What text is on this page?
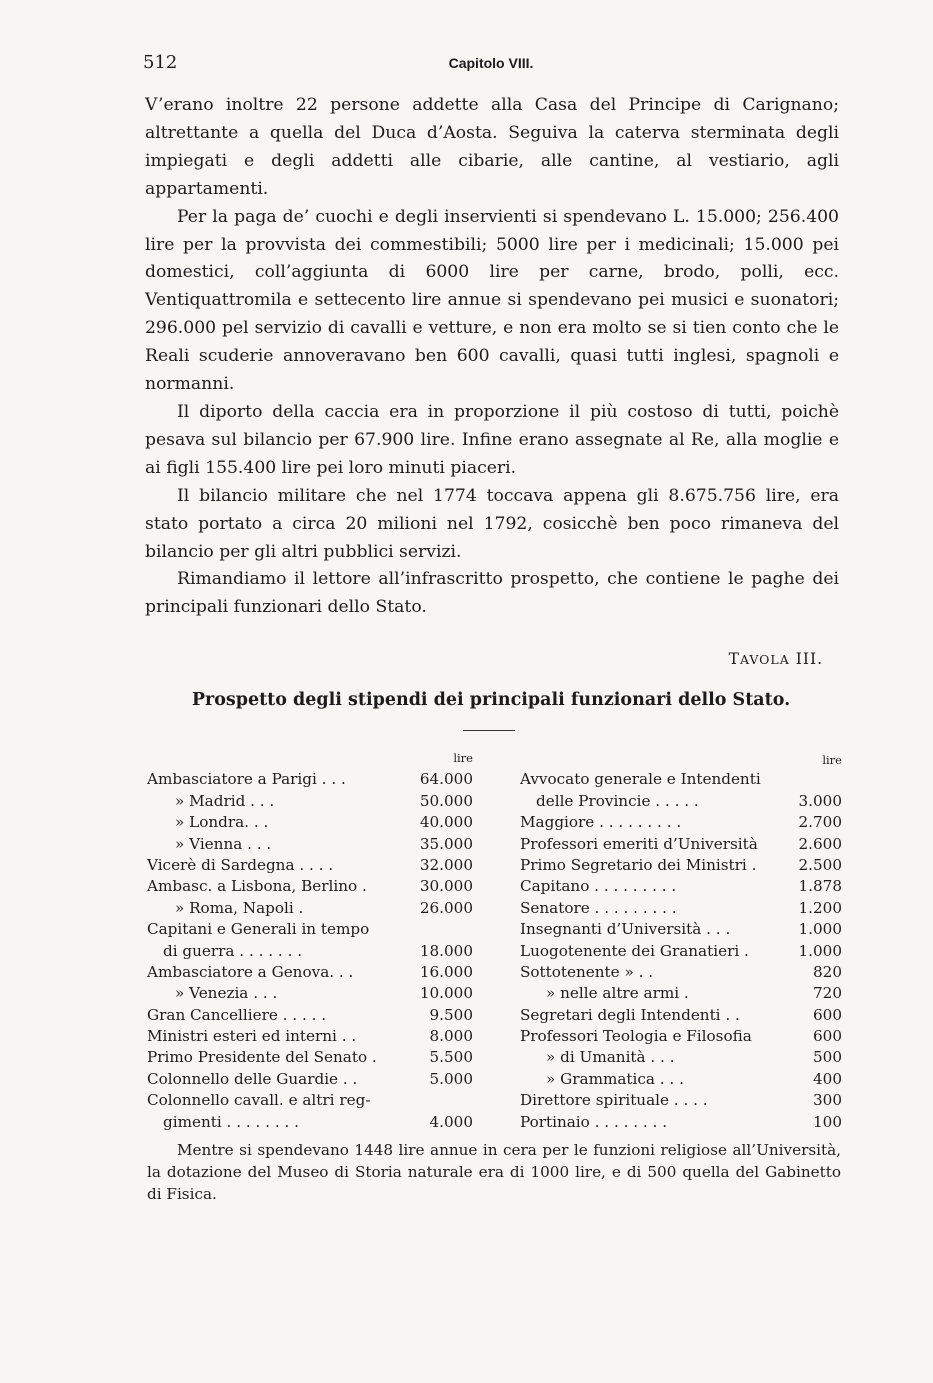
512	Capitolo VIII.

V’erano inoltre 22 persone addette alla Casa del Principe di Carignano; altrettante a quella del Duca d’Aosta. Seguiva la caterva sterminata degli impiegati e degli addetti alle cibarie, alle cantine, al vestiario, agli appartamenti.

Per la paga de’ cuochi e degli inservienti si spendevano L. 15.000; 256.400 lire per la provvista dei commestibili; 5000 lire per i medicinali; 15.000 pei domestici, coll’aggiunta di 6000 lire per carne, brodo, polli, ecc. Ventiquattromila e settecento lire annue si spendevano pei musici e suonatori; 296.000 pel servizio di cavalli e vetture, e non era molto se si tien conto che le Reali scuderie annoveravano ben 600 cavalli, quasi tutti inglesi, spagnoli e normanni.

Il diporto della caccia era in proporzione il più costoso di tutti, poichè pesava sul bilancio per 67.900 lire. Infine erano assegnate al Re, alla moglie e ai figli 155.400 lire pei loro minuti piaceri.

Il bilancio militare che nel 1774 toccava appena gli 8.675.756 lire, era stato portato a circa 20 milioni nel 1792, cosicchè ben poco rimaneva del bilancio per gli altri pubblici servizi.

Rimandiamo il lettore all’infrascritto prospetto, che contiene le paghe dei principali funzionari dello Stato.

TAVOLA III.
Prospetto degli stipendi dei principali funzionari dello Stato.
lire
Ambasciatore a Parigi . . .	64.000
» Madrid . . .	50.000
» Londra. . .	40.000
» Vienna . . .	35.000
Vicerè di Sardegna . . . .	32.000
Ambasc. a Lisbona, Berlino .	30.000
» Roma, Napoli .	26.000
Capitani e Generali in tempo
di guerra . . . . . . .	18.000
Ambasciatore a Genova. . .	16.000
» Venezia . . .	10.000
Gran Cancelliere . . . . .	9.500
Ministri esteri ed interni . .	8.000
Primo Presidente del Senato .	5.500
Colonnello delle Guardie . .	5.000
Colonnello cavall. e altri reg-
gimenti . . . . . . . .	4.000
lire
Avvocato generale e Intendenti
delle Provincie . . . . .	3.000
Maggiore . . . . . . . . .	2.700
Professori emeriti d’Università	2.600
Primo Segretario dei Ministri .	2.500
Capitano . . . . . . . . .	1.878
Senatore . . . . . . . . .	1.200
Insegnanti d’Università . . .	1.000
Luogotenente dei Granatieri .	1.000
Sottotenente » . .	820
» nelle altre armi .	720
Segretari degli Intendenti . .	600
Professori Teologia e Filosofia	600
» di Umanità . . .	500
» Grammatica . . .	400
Direttore spirituale . . . .	300
Portinaio . . . . . . . .	100
Mentre si spendevano 1448 lire annue in cera per le funzioni religiose all’Università, la dotazione del Museo di Storia naturale era di 1000 lire, e di 500 quella del Gabinetto di Fisica.
